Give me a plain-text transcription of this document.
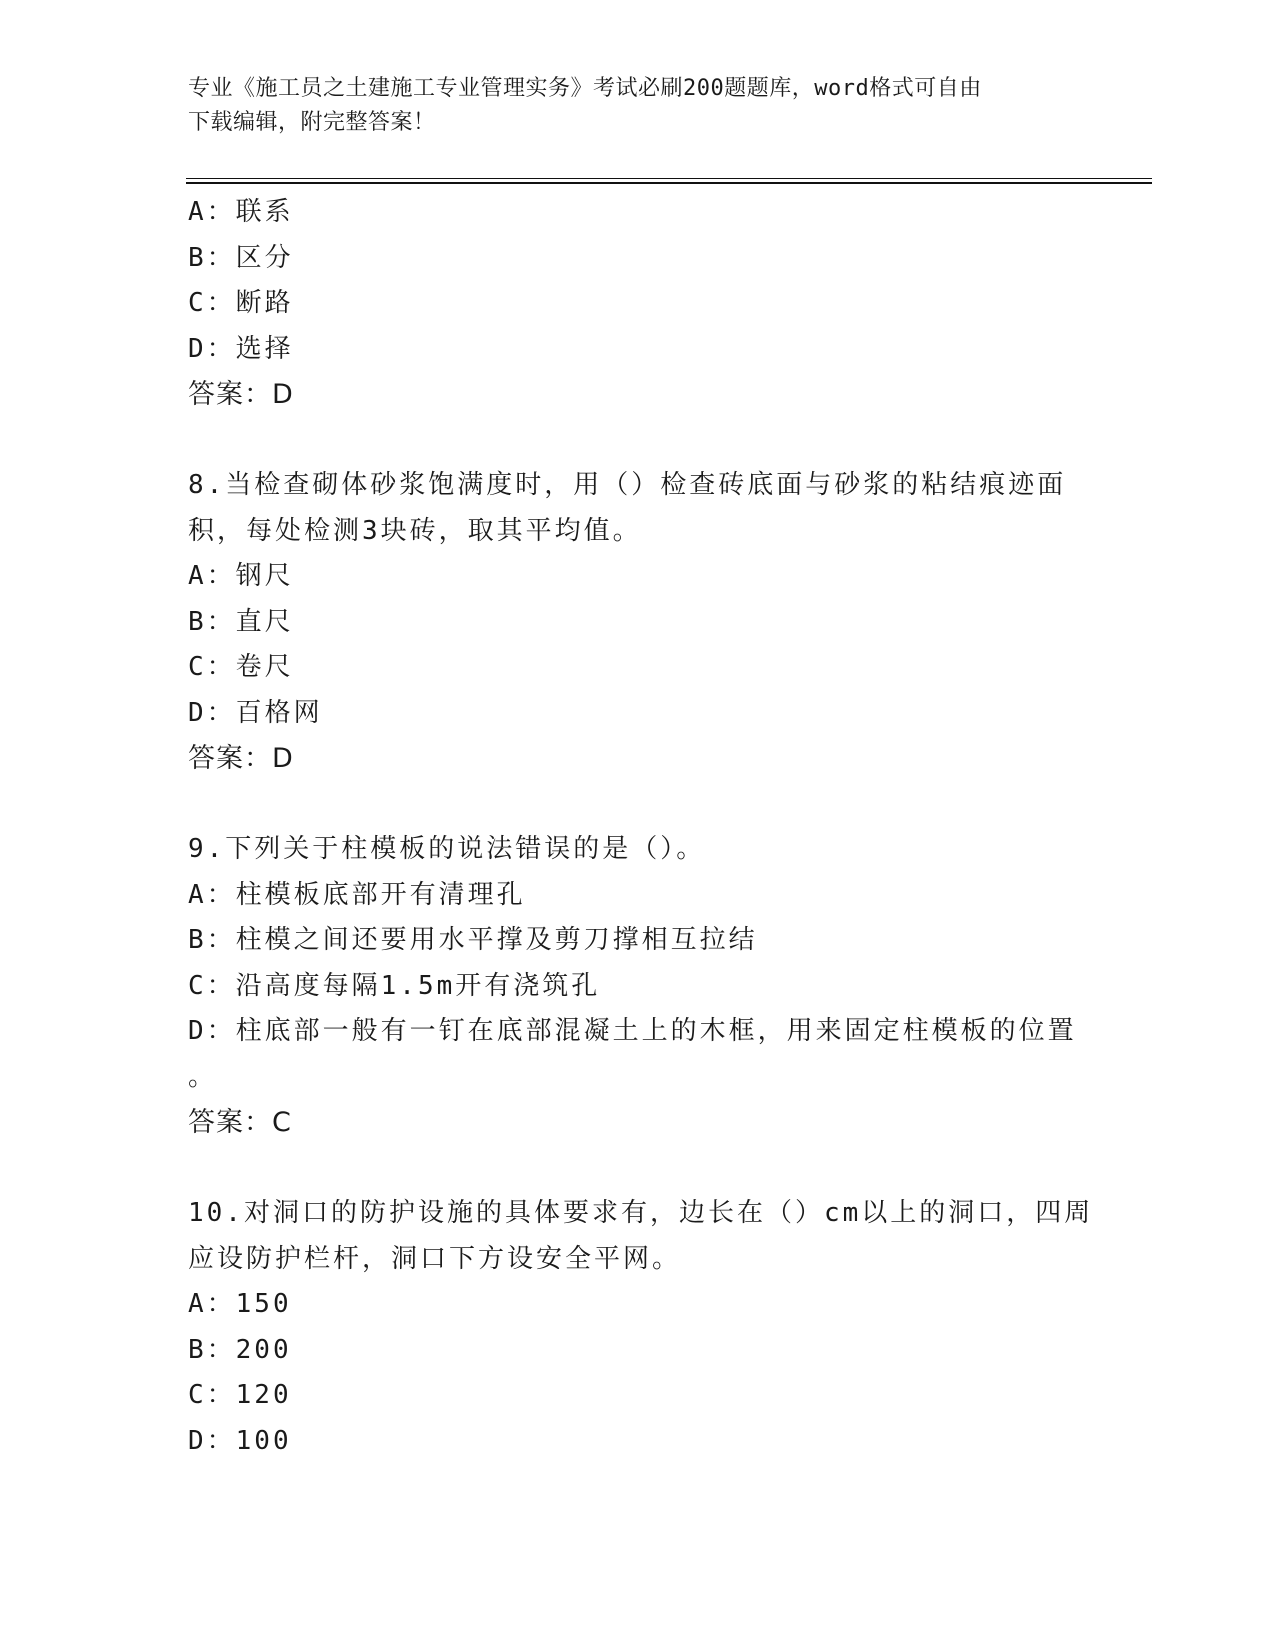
专业《施工员之土建施工专业管理实务》考试必刷200题题库，word格式可自由
下载编辑，附完整答案！
A：联系
B：区分
C：断路
D：选择
答案：D
8.当检查砌体砂浆饱满度时，用（）检查砖底面与砂浆的粘结痕迹面
积，每处检测3块砖，取其平均值。
A：钢尺
B：直尺
C：卷尺
D：百格网
答案：D
9.下列关于柱模板的说法错误的是（）。
A：柱模板底部开有清理孔
B：柱模之间还要用水平撑及剪刀撑相互拉结
C：沿高度每隔1.5m开有浇筑孔
D：柱底部一般有一钉在底部混凝土上的木框，用来固定柱模板的位置
。
答案：C
10.对洞口的防护设施的具体要求有，边长在（）cm以上的洞口，四周
应设防护栏杆，洞口下方设安全平网。
A：150
B：200
C：120
D：100
